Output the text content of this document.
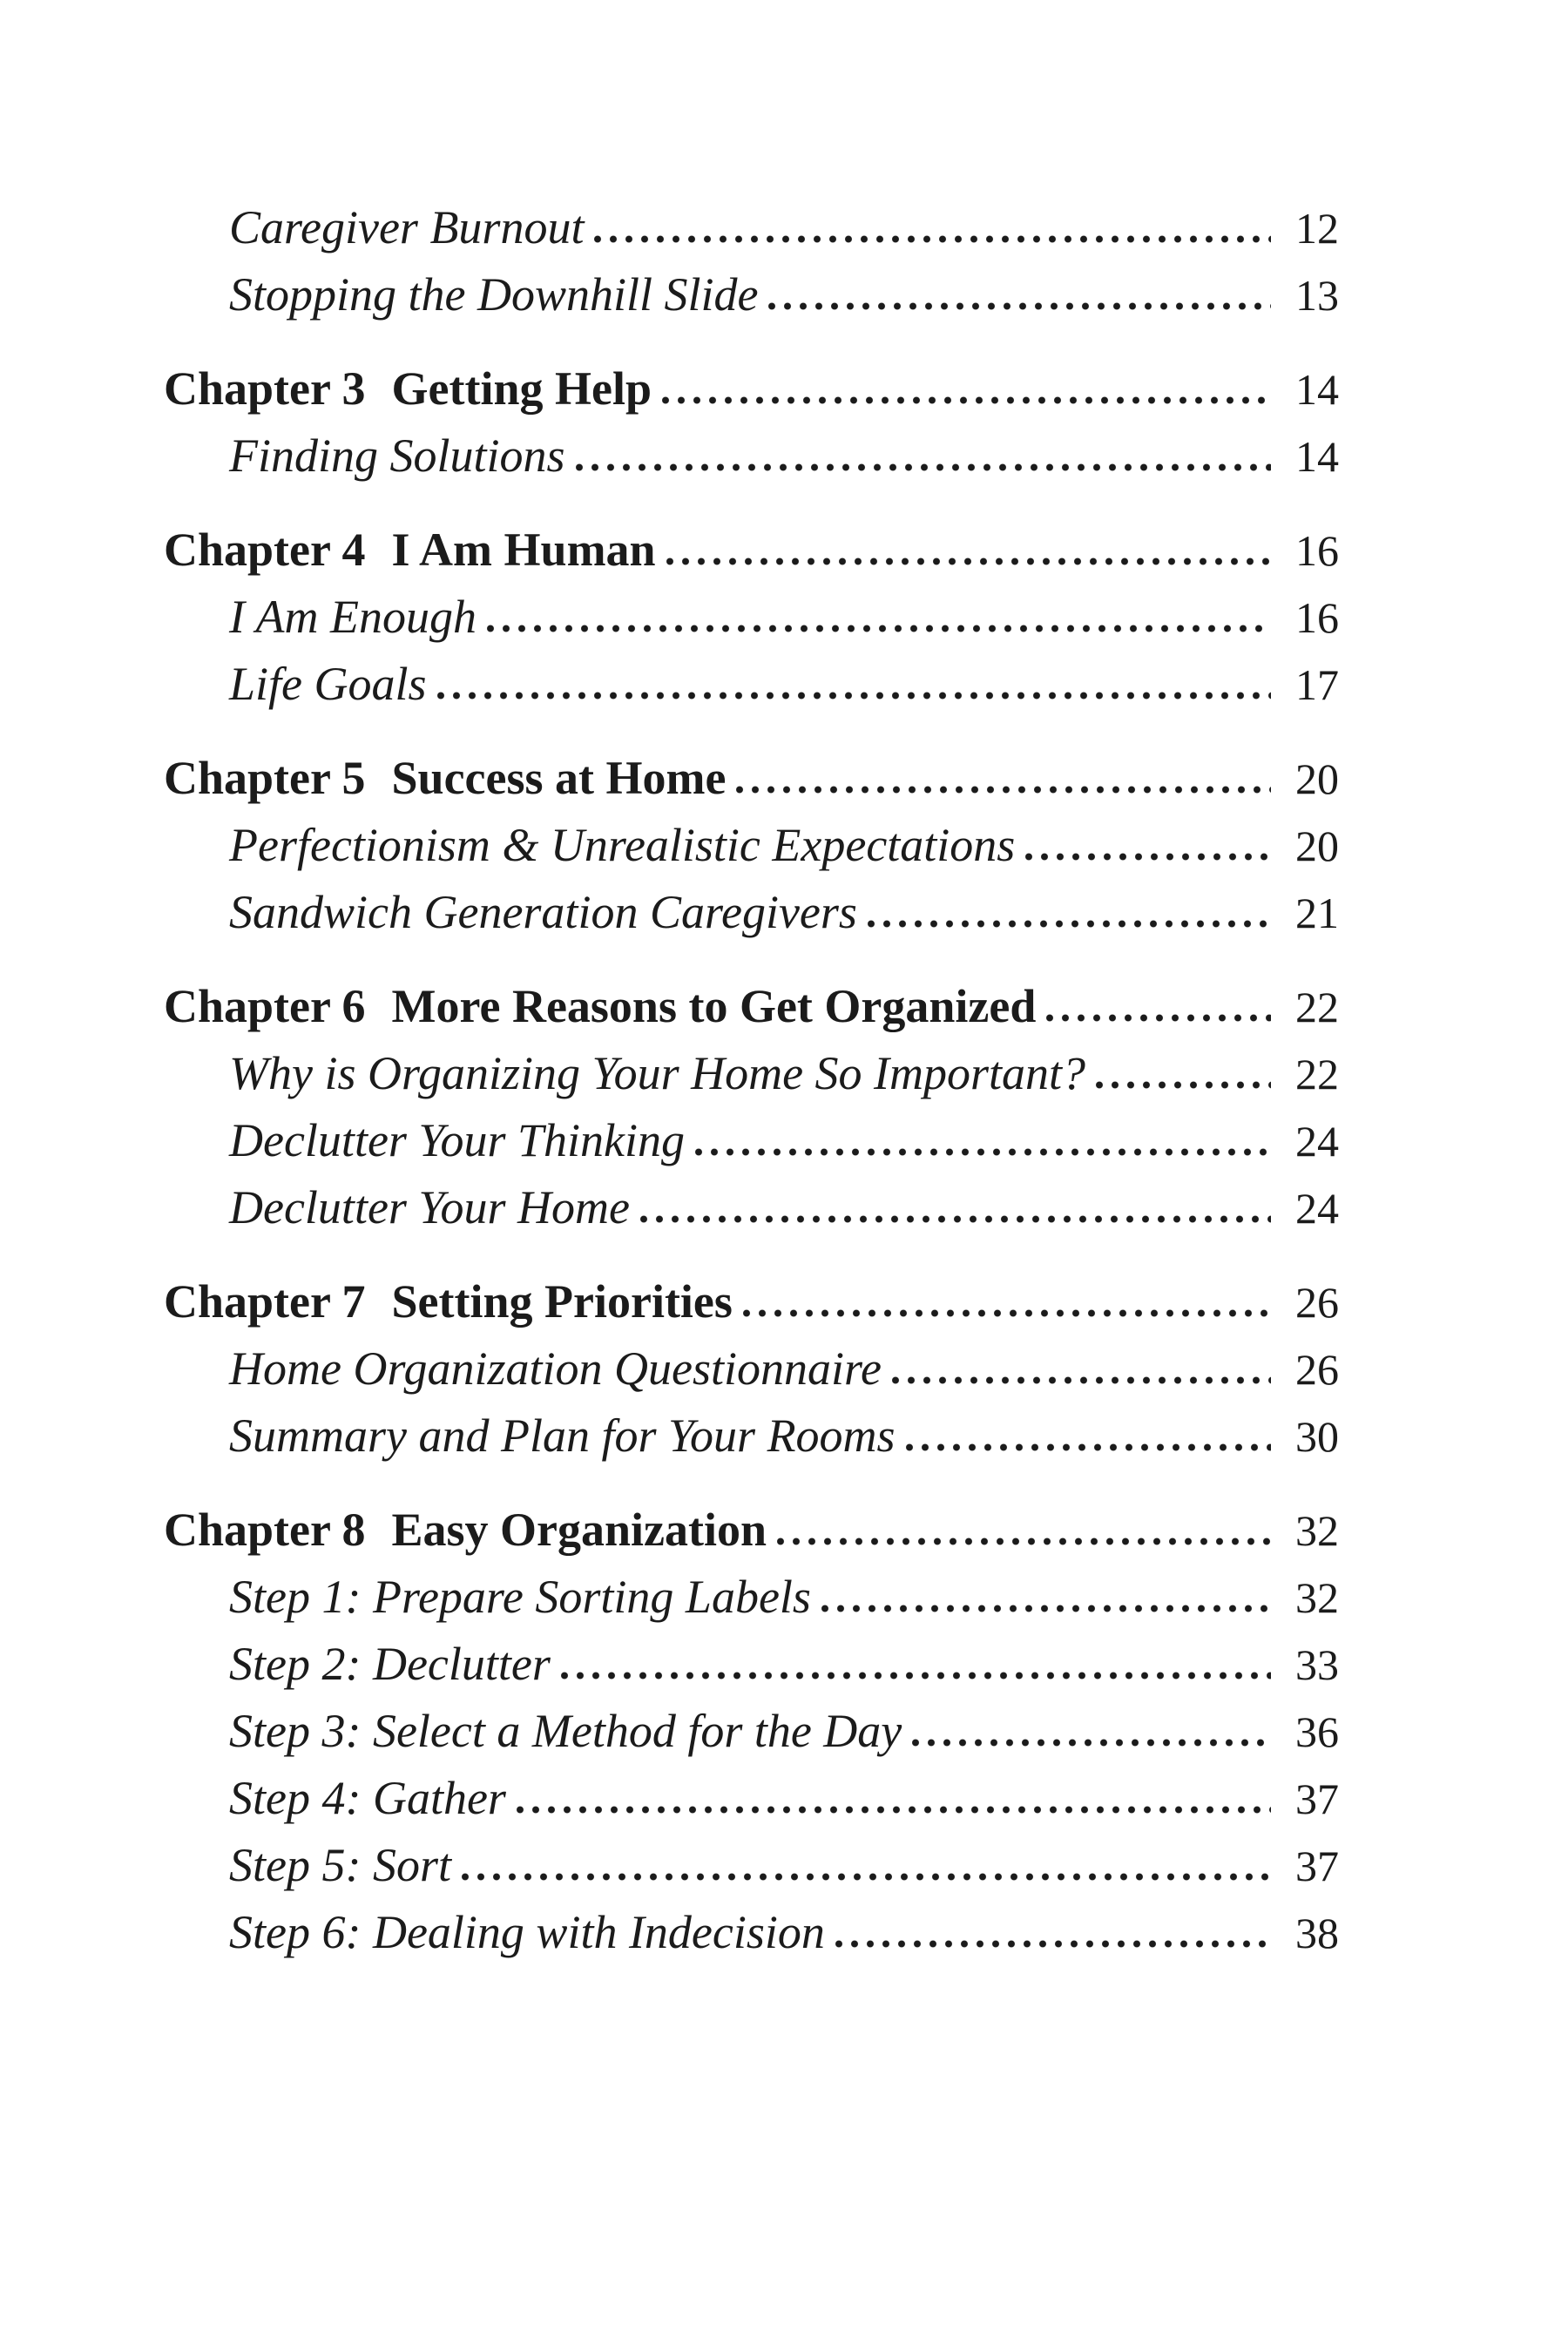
Caregiver Burnout	12
Stopping the Downhill Slide	13
Chapter 3 Getting Help	14
Finding Solutions	14
Chapter 4 I Am Human	16
I Am Enough	16
Life Goals	17
Chapter 5 Success at Home	20
Perfectionism & Unrealistic Expectations	20
Sandwich Generation Caregivers	21
Chapter 6 More Reasons to Get Organized	22
Why is Organizing Your Home So Important?	22
Declutter Your Thinking	24
Declutter Your Home	24
Chapter 7 Setting Priorities	26
Home Organization Questionnaire	26
Summary and Plan for Your Rooms	30
Chapter 8 Easy Organization	32
Step 1: Prepare Sorting Labels	32
Step 2: Declutter	33
Step 3: Select a Method for the Day	36
Step 4: Gather	37
Step 5: Sort	37
Step 6: Dealing with Indecision	38
